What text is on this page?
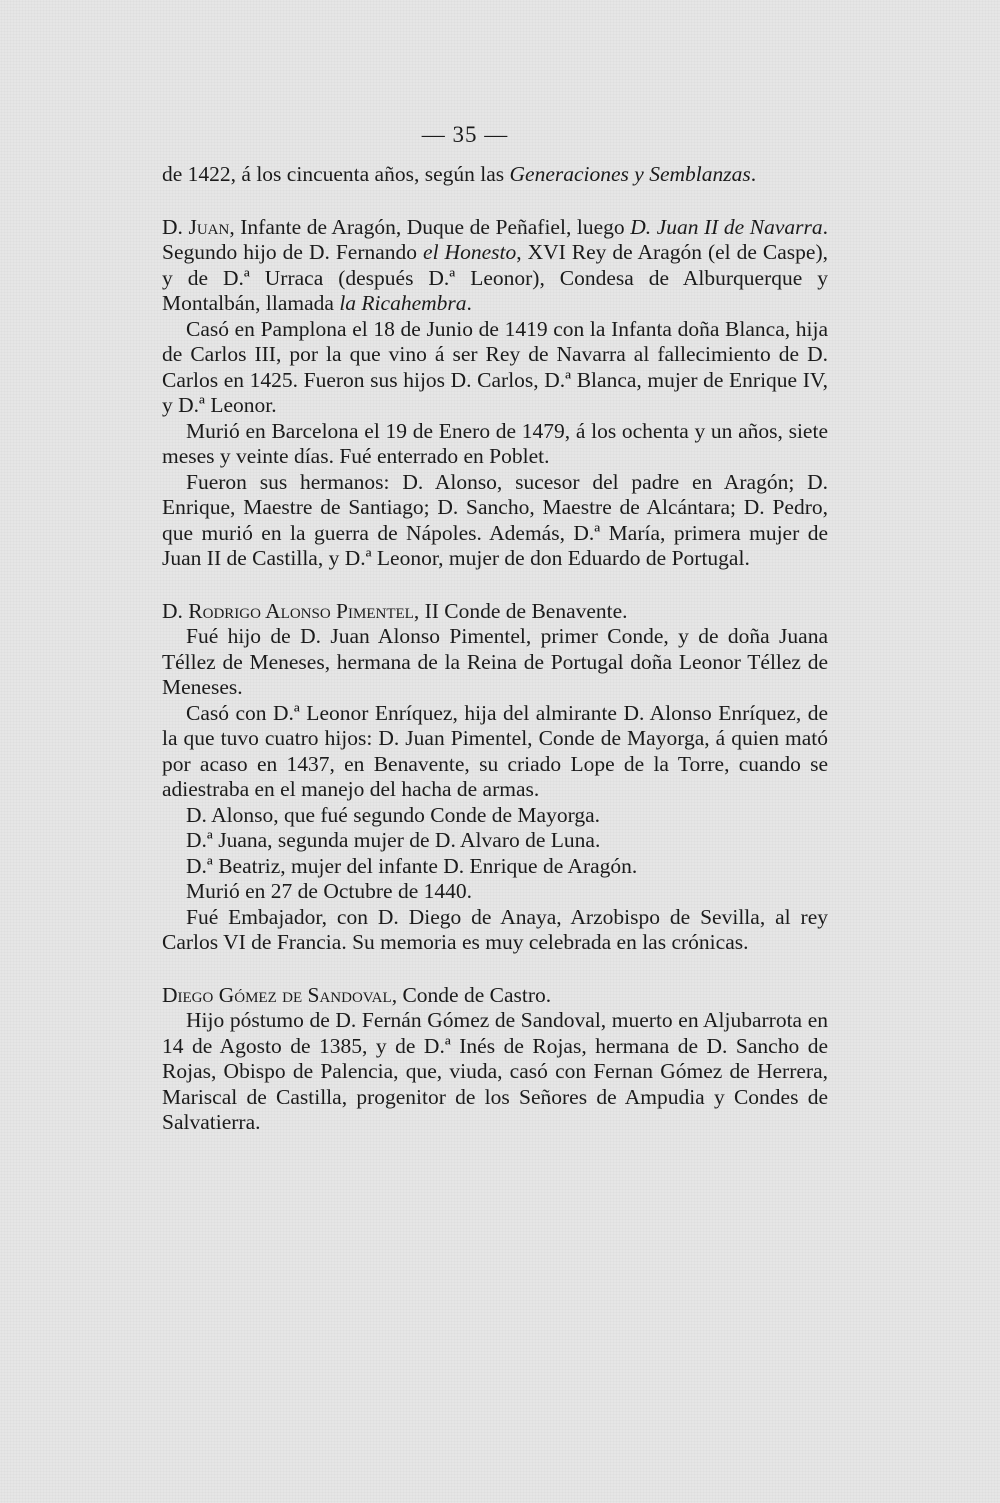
— 35 —

de 1422, á los cincuenta años, según las Generaciones y Semblanzas.

D. Juan, Infante de Aragón, Duque de Peñafiel, luego D. Juan II de Navarra. Segundo hijo de D. Fernando el Honesto, XVI Rey de Aragón (el de Caspe), y de D.ª Urraca (después D.ª Leonor), Condesa de Alburquerque y Montalbán, llamada la Ricahembra.

Casó en Pamplona el 18 de Junio de 1419 con la Infanta doña Blanca, hija de Carlos III, por la que vino á ser Rey de Navarra al fallecimiento de D. Carlos en 1425. Fueron sus hijos D. Carlos, D.ª Blanca, mujer de Enrique IV, y D.ª Leonor.

Murió en Barcelona el 19 de Enero de 1479, á los ochenta y un años, siete meses y veinte días. Fué enterrado en Poblet.

Fueron sus hermanos: D. Alonso, sucesor del padre en Aragón; D. Enrique, Maestre de Santiago; D. Sancho, Maestre de Alcántara; D. Pedro, que murió en la guerra de Nápoles. Además, D.ª María, primera mujer de Juan II de Castilla, y D.ª Leonor, mujer de don Eduardo de Portugal.

D. Rodrigo Alonso Pimentel, II Conde de Benavente.

Fué hijo de D. Juan Alonso Pimentel, primer Conde, y de doña Juana Téllez de Meneses, hermana de la Reina de Portugal doña Leonor Téllez de Meneses.

Casó con D.ª Leonor Enríquez, hija del almirante D. Alonso Enríquez, de la que tuvo cuatro hijos: D. Juan Pimentel, Conde de Mayorga, á quien mató por acaso en 1437, en Benavente, su criado Lope de la Torre, cuando se adiestraba en el manejo del hacha de armas.

D. Alonso, que fué segundo Conde de Mayorga.

D.ª Juana, segunda mujer de D. Alvaro de Luna.

D.ª Beatriz, mujer del infante D. Enrique de Aragón.

Murió en 27 de Octubre de 1440.

Fué Embajador, con D. Diego de Anaya, Arzobispo de Sevilla, al rey Carlos VI de Francia. Su memoria es muy celebrada en las crónicas.

Diego Gómez de Sandoval, Conde de Castro.

Hijo póstumo de D. Fernán Gómez de Sandoval, muerto en Aljubarrota en 14 de Agosto de 1385, y de D.ª Inés de Rojas, hermana de D. Sancho de Rojas, Obispo de Palencia, que, viuda, casó con Fernan Gómez de Herrera, Mariscal de Castilla, progenitor de los Señores de Ampudia y Condes de Salvatierra.
